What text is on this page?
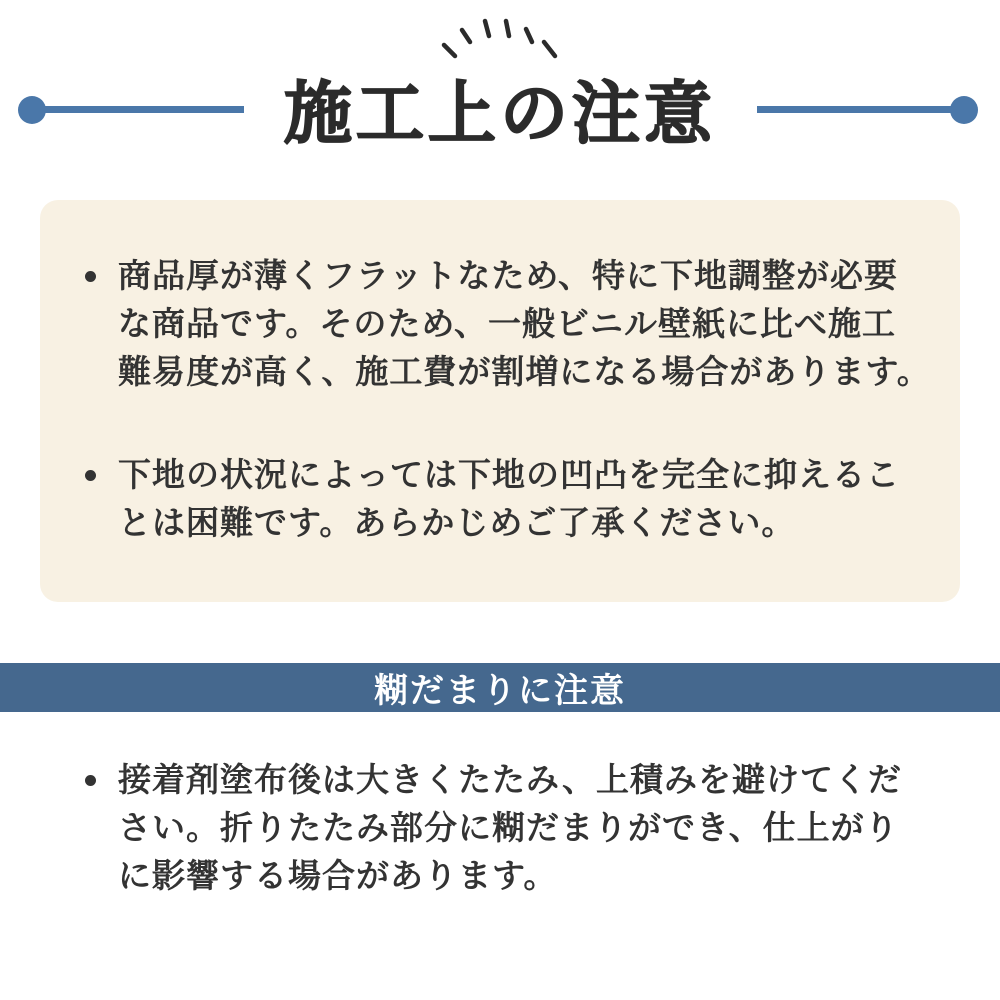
施工上の注意

商品厚が薄くフラットなため、特に下地調整が必要
な商品です。そのため、一般ビニル壁紙に比べ施工
難易度が高く、施工費が割増になる場合があります。

下地の状況によっては下地の凹凸を完全に抑えるこ
とは困難です。あらかじめご了承ください。

糊だまりに注意

接着剤塗布後は大きくたたみ、上積みを避けてくだ
さい。折りたたみ部分に糊だまりができ、仕上がり
に影響する場合があります。
